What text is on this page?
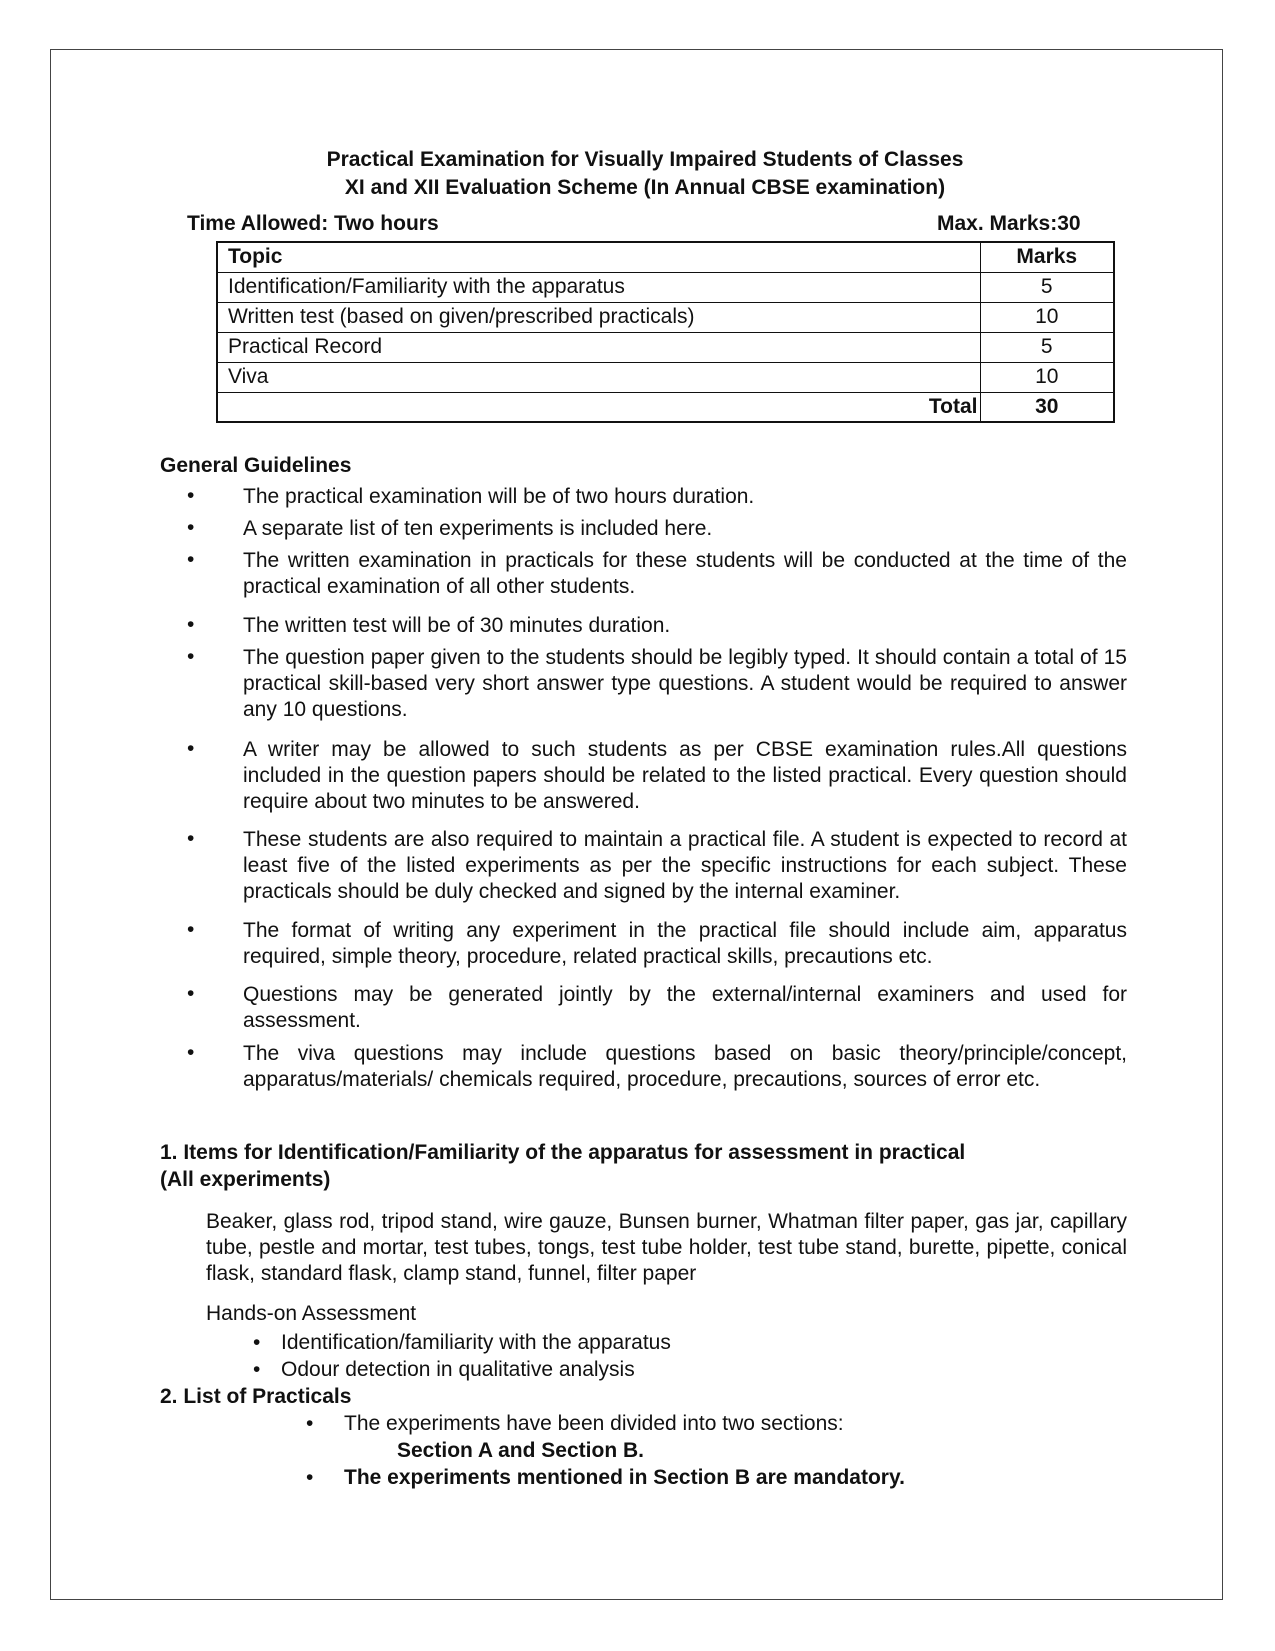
Practical Examination for Visually Impaired Students of Classes
XI and XII Evaluation Scheme (In Annual CBSE examination)
Time Allowed: Two hours	Max. Marks:30
Topic	Marks
Identification/Familiarity with the apparatus	5
Written test (based on given/prescribed practicals)	10
Practical Record	5
Viva	10
Total	30
General Guidelines
• The practical examination will be of two hours duration.
• A separate list of ten experiments is included here.
• The written examination in practicals for these students will be conducted at the time of the practical examination of all other students.
• The written test will be of 30 minutes duration.
• The question paper given to the students should be legibly typed. It should contain a total of 15 practical skill-based very short answer type questions. A student would be required to answer any 10 questions.
• A writer may be allowed to such students as per CBSE examination rules.All questions included in the question papers should be related to the listed practical. Every question should require about two minutes to be answered.
• These students are also required to maintain a practical file. A student is expected to record at least five of the listed experiments as per the specific instructions for each subject. These practicals should be duly checked and signed by the internal examiner.
• The format of writing any experiment in the practical file should include aim, apparatus required, simple theory, procedure, related practical skills, precautions etc.
• Questions may be generated jointly by the external/internal examiners and used for assessment.
• The viva questions may include questions based on basic theory/principle/concept, apparatus/materials/ chemicals required, procedure, precautions, sources of error etc.
1. Items for Identification/Familiarity of the apparatus for assessment in practical
(All experiments)
Beaker, glass rod, tripod stand, wire gauze, Bunsen burner, Whatman filter paper, gas jar, capillary tube, pestle and mortar, test tubes, tongs, test tube holder, test tube stand, burette, pipette, conical flask, standard flask, clamp stand, funnel, filter paper
Hands-on Assessment
• Identification/familiarity with the apparatus
• Odour detection in qualitative analysis
2. List of Practicals
• The experiments have been divided into two sections:
Section A and Section B.
• The experiments mentioned in Section B are mandatory.
